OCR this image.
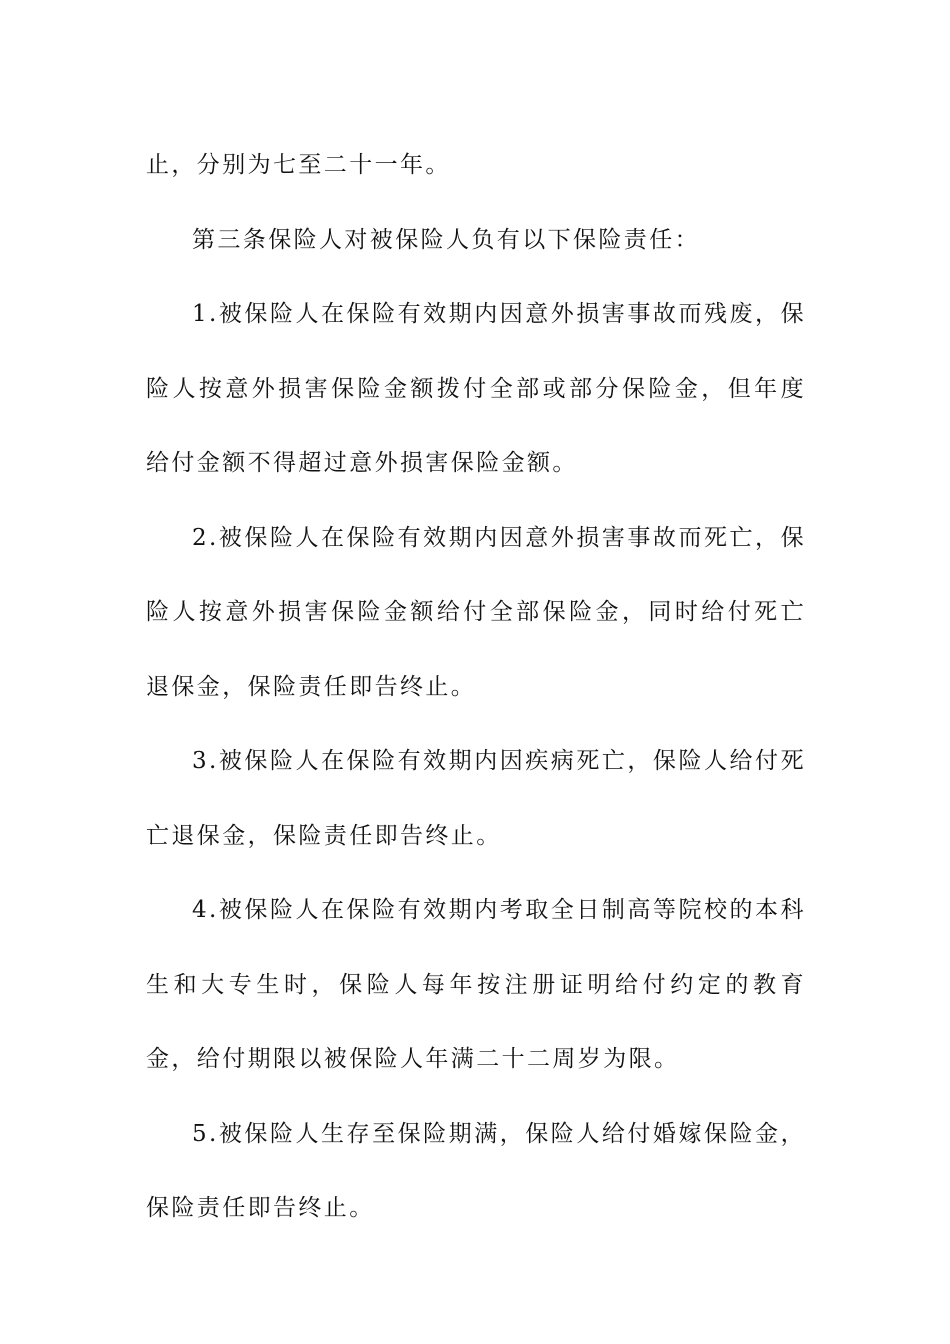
止，分别为七至二十一年。

第三条保险人对被保险人负有以下保险责任：

1.被保险人在保险有效期内因意外损害事故而残废，保险人按意外损害保险金额拨付全部或部分保险金，但年度给付金额不得超过意外损害保险金额。

2.被保险人在保险有效期内因意外损害事故而死亡，保险人按意外损害保险金额给付全部保险金，同时给付死亡退保金，保险责任即告终止。

3.被保险人在保险有效期内因疾病死亡，保险人给付死亡退保金，保险责任即告终止。

4.被保险人在保险有效期内考取全日制高等院校的本科生和大专生时，保险人每年按注册证明给付约定的教育金，给付期限以被保险人年满二十二周岁为限。

5.被保险人生存至保险期满，保险人给付婚嫁保险金，保险责任即告终止。
